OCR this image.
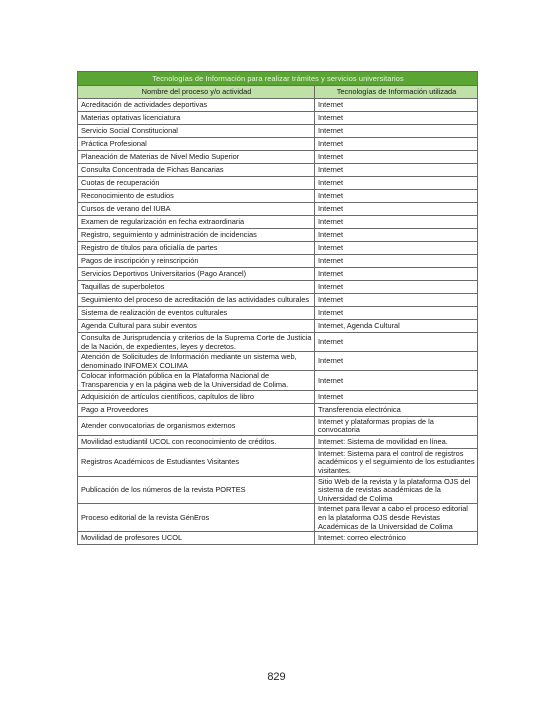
Tecnologías de Información para realizar trámites y servicios universitarios	
Nombre del proceso y/o actividad	Tecnologías de Información utilizada
Acreditación de actividades deportivas	Internet
Materias optativas licenciatura	Internet
Servicio Social Constitucional	Internet
Práctica Profesional	Internet
Planeación de Materias de Nivel Medio Superior	Internet
Consulta Concentrada de Fichas Bancarias	Internet
Cuotas de recuperación	Internet
Reconocimiento de estudios	Internet
Cursos de verano del IUBA	Internet
Examen de regularización en fecha extraordinaria	Internet
Registro, seguimiento y administración de incidencias	Internet
Registro de títulos para oficialía de partes	Internet
Pagos de inscripción y reinscripción	Internet
Servicios Deportivos Universitarios (Pago Arancel)	Internet
Taquillas de superboletos	Internet
Seguimiento del proceso de acreditación de las actividades culturales	Internet
Sistema de realización de eventos culturales	Internet
Agenda Cultural para subir eventos	Internet, Agenda Cultural
Consulta de Jurisprudencia y criterios de la Suprema Corte de Justicia de la Nación, de expedientes, leyes y decretos.	Internet
Atención de Solicitudes de Información mediante un sistema web, denominado INFOMEX COLIMA	Internet
Colocar información pública en la Plataforma Nacional de Transparencia y en la página web de la Universidad de Colima.	Internet
Adquisición de artículos científicos, capítulos de libro	Internet
Pago a Proveedores	Transferencia electrónica
Atender convocatorias de organismos externos	Internet y plataformas propias de la convocatoria
Movilidad estudiantil UCOL con reconocimiento de créditos.	Internet: Sistema de movilidad en línea.
Registros Académicos de Estudiantes Visitantes	Internet: Sistema para el control de registros académicos y el seguimiento de los estudiantes visitantes.
Publicación de los números de la revista PORTES	Sitio Web de la revista y la plataforma OJS del sistema de revistas académicas de la Universidad de Colima
Proceso editorial de la revista GénEros	Internet para llevar a cabo el proceso editorial en la plataforma OJS desde Revistas Académicas de la Universidad de Colima
Movilidad de profesores UCOL	Internet: correo electrónico
829
